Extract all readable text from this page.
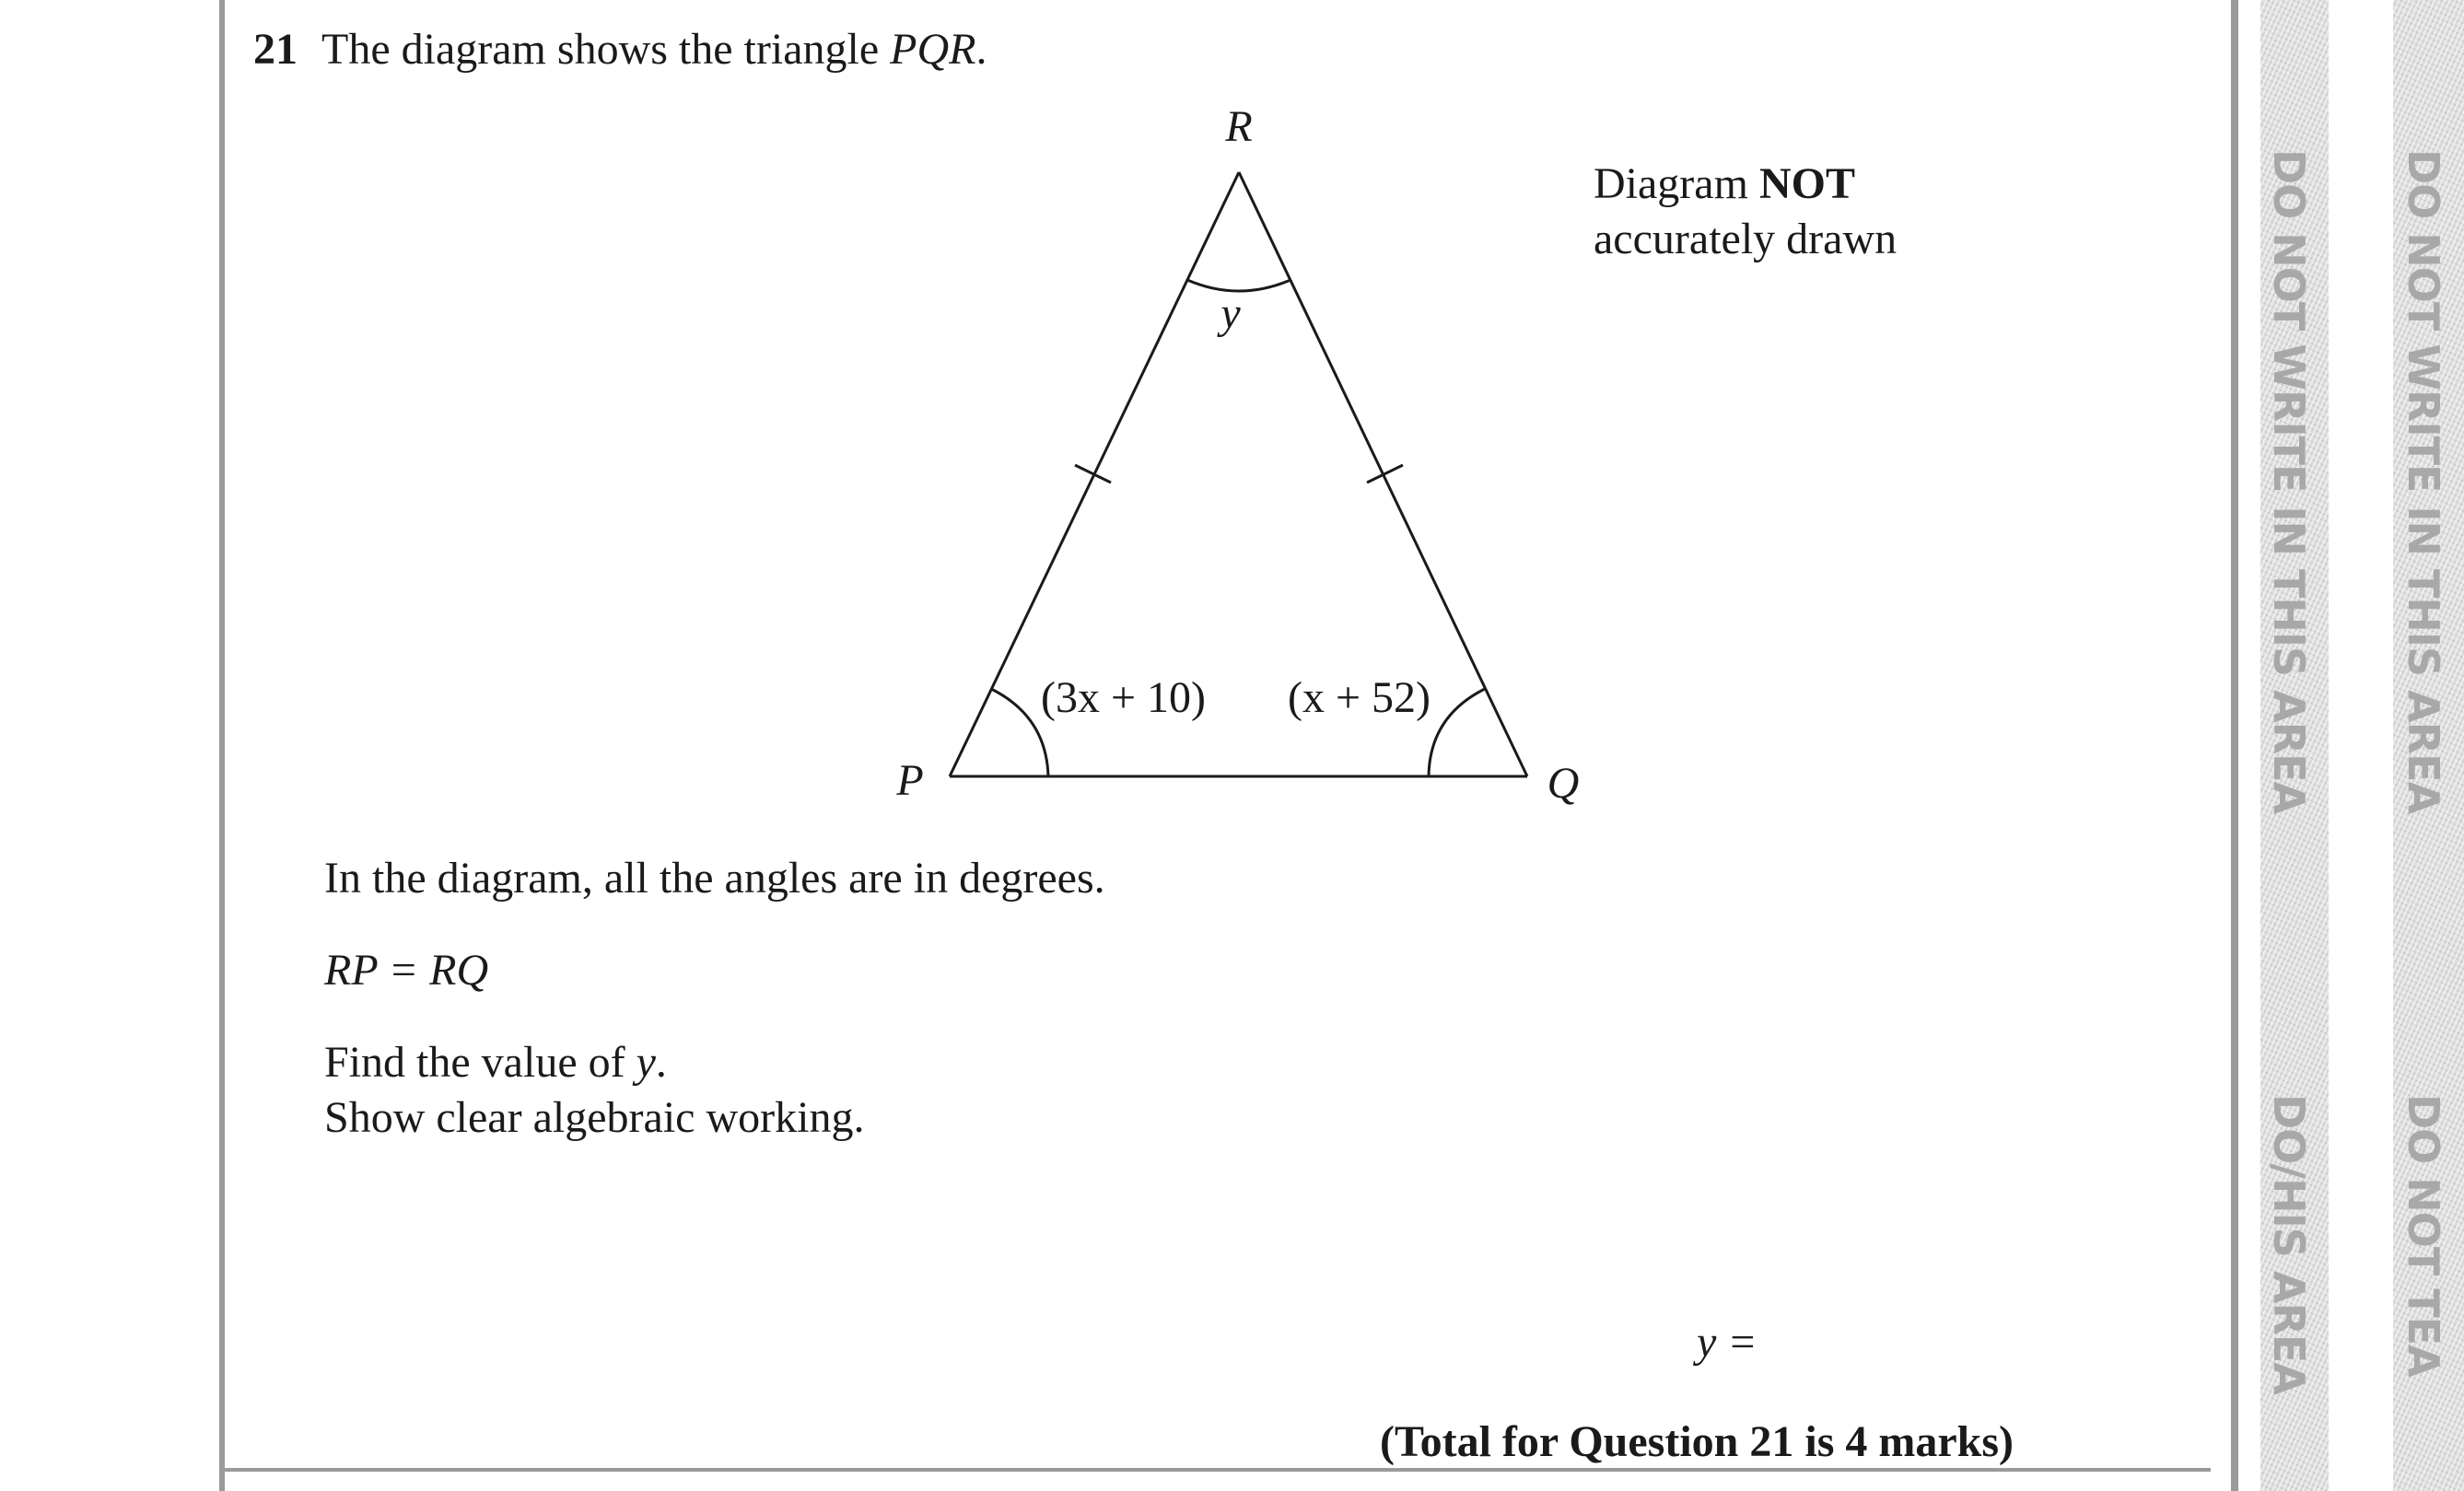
DO NOT WRITE IN THIS AREA
DO/HIS AREA
DO NOT WRITE IN THIS AREA
DO NOT TEA
21 The diagram shows the triangle PQR.
R
P	Q
y
(3x + 10) (x + 52)
Diagram NOT
accurately drawn
In the diagram, all the angles are in degrees.
RP = RQ
Find the value of y.
Show clear algebraic working.
y =
(Total for Question 21 is 4 marks)
